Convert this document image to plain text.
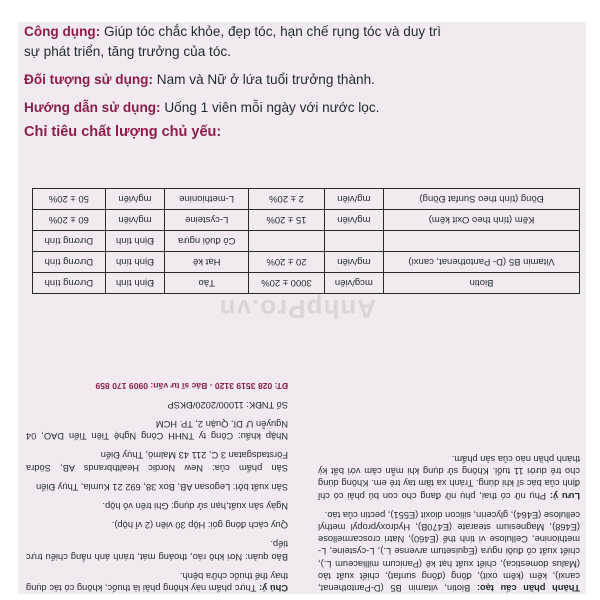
Công dụng: Giúp tóc chắc khỏe, đẹp tóc, hạn chế rụng tóc và duy trì

sự phát triển, tăng trưởng của tóc.

Đối tượng sử dụng: Nam và Nữ ở lứa tuổi trưởng thành.

Hướng dẫn sử dụng: Uống 1 viên mỗi ngày với nước lọc.

Chỉ tiêu chất lượng chủ yếu:

Thành phần cấu tạo: Biotin, vitamin B5 (D-Pantothenat, canxi), kẽm (kẽm oxit), đồng (đồng sunfat), chiết xuất tảo (Malus domestica), chiết xuất hạt kê (Panicum milliaceum L.), chiết xuất cỏ đuôi ngựa (Equisetum arvense L.), L-cysteine, L-methionine, Cellulose vi tinh thể (E460), Natri croscarmellose (E468), Magnesium stearate (E470B), Hydroxypropyl methyl cellulose (E464), glycerin, silicon dioxit (E551), pectin của táo.

Lưu ý: Phụ nữ có thai, phụ nữ đang cho con bú phải có chỉ định của bác sĩ khi dùng. Tránh xa tầm tay trẻ em. Không dùng cho trẻ dưới 11 tuổi. Không sử dụng khi mẫn cảm với bất kỳ thành phần nào của sản phẩm.

Chú ý: Thực phẩm này không phải là thuốc, không có tác dụng thay thế thuốc chữa bệnh.

Bảo quản: Nơi khô ráo, thoáng mát, tránh ánh nắng chiếu trực tiếp.

Quy cách đóng gói: Hộp 30 viên (2 vỉ hộp).

Ngày sản xuất,hạn sử dụng: Ghi trên vỏ hộp.

Sản xuất bởi: Legosan AB, Box 38, 692 21 Kumla, Thụy Điển

Sản phẩm của: New Nordic Healthbrands AB, Södra Förstadsgatan 3 C, 211 43 Malmö, Thụy Điển

Nhập khẩu: Công ty TNHH Công Nghệ Tiên Tiến DAO, 04 Nguyễn Ư Dĩ, Quận 2, TP. HCM

Số TNĐK: 11000/2020/ĐKSP

ĐT: 028 3519 3120 - Bác sĩ tư vấn: 0909 170 859

Biotin	mcg/viên	3000 ± 20%	Tảo	Định tính	Dương tính
Vitamin B5 (D- Pantothenat, canxi)	mg/viên	20 ± 20%	Hạt kê	Định tính	Dương tính
			Cỏ đuôi ngựa	Định tính	Dương tính
Kẽm (tính theo Oxit kẽm)	mg/viên	15 ± 20%	L-cysteine	mg/viên	60 ± 20%
Đồng (tính theo Sunfat Đồng)	mg/viên	2 ± 20%	L-methionine	mg/viên	50 ± 20%
AnhpPro.vn
